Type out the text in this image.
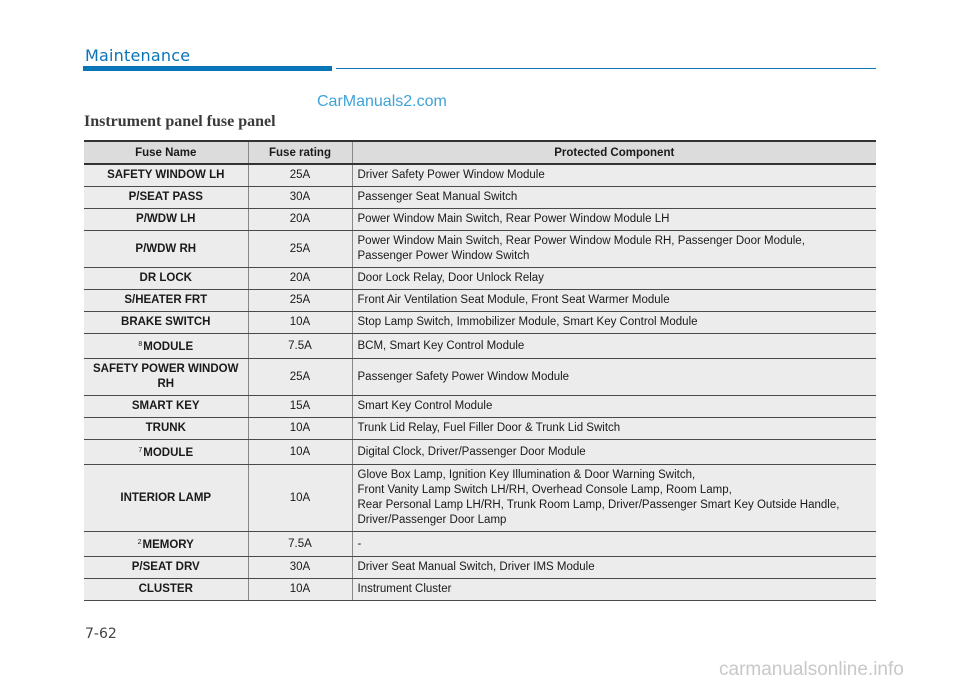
Maintenance
CarManuals2.com
Instrument panel fuse panel
Fuse Name	Fuse rating	Protected Component
SAFETY WINDOW LH	25A	Driver Safety Power Window Module
P/SEAT PASS	30A	Passenger Seat Manual Switch
P/WDW LH	20A	Power Window Main Switch, Rear Power Window Module LH
P/WDW RH	25A	Power Window Main Switch, Rear Power Window Module RH, Passenger Door Module,
Passenger Power Window Switch
DR LOCK	20A	Door Lock Relay, Door Unlock Relay
S/HEATER FRT	25A	Front Air Ventilation Seat Module, Front Seat Warmer Module
BRAKE SWITCH	10A	Stop Lamp Switch, Immobilizer Module, Smart Key Control Module
$^8$MODULE	7.5A	BCM, Smart Key Control Module
SAFETY POWER WINDOW
RH	25A	Passenger Safety Power Window Module
SMART KEY	15A	Smart Key Control Module
TRUNK	10A	Trunk Lid Relay, Fuel Filler Door & Trunk Lid Switch
$^7$MODULE	10A	Digital Clock, Driver/Passenger Door Module
INTERIOR LAMP	10A	Glove Box Lamp, Ignition Key Illumination & Door Warning Switch,
Front Vanity Lamp Switch LH/RH, Overhead Console Lamp, Room Lamp,
Rear Personal Lamp LH/RH, Trunk Room Lamp, Driver/Passenger Smart Key Outside Handle,
Driver/Passenger Door Lamp
$^2$MEMORY	7.5A	-
P/SEAT DRV	30A	Driver Seat Manual Switch, Driver IMS Module
CLUSTER	10A	Instrument Cluster
7-62
carmanualsonline.info
